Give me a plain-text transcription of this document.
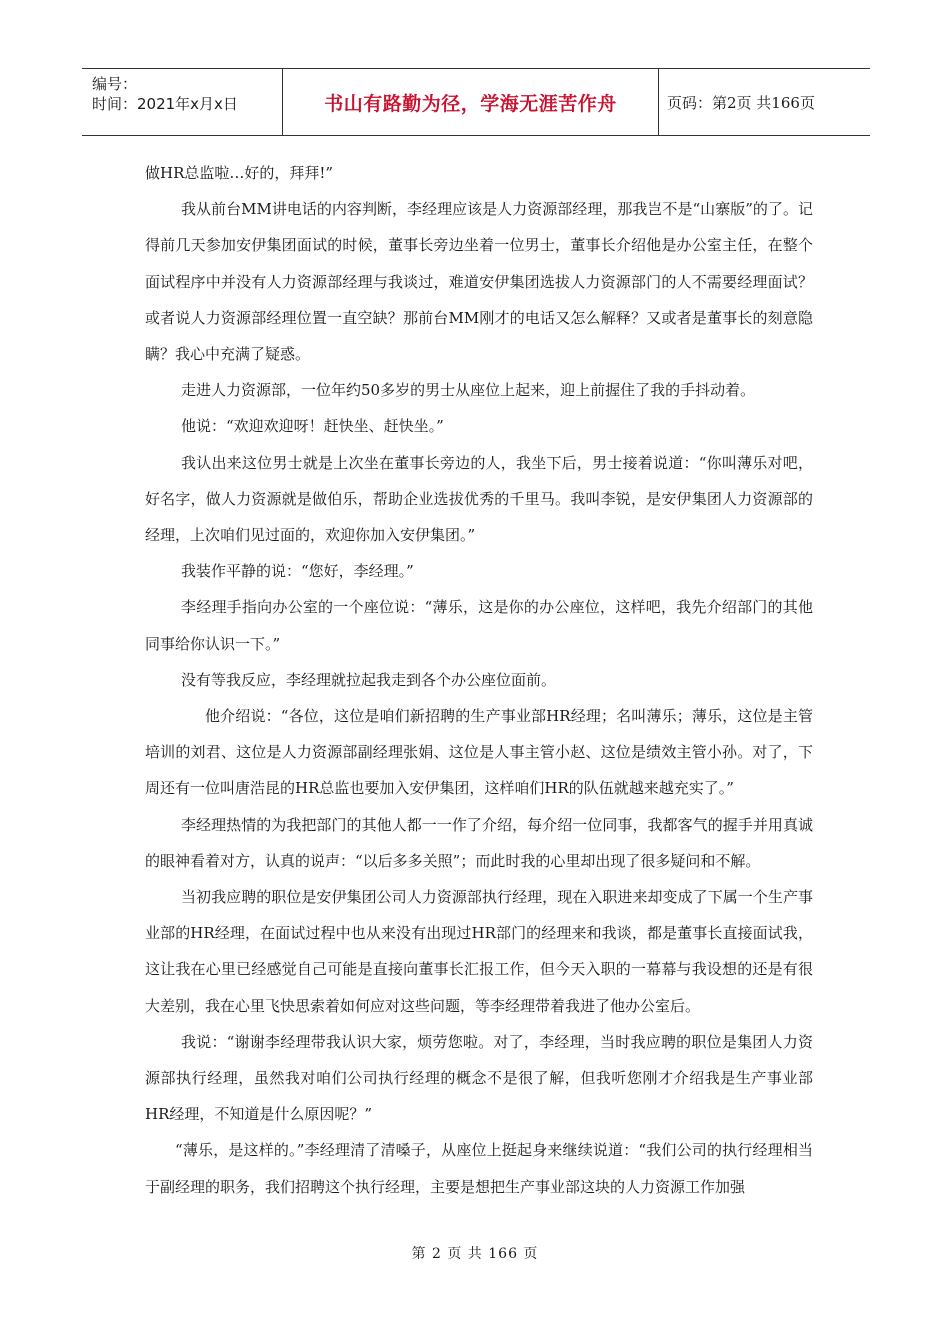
编号：
时间：2021年x月x日	书山有路勤为径，学海无涯苦作舟	页码：第2页 共166页

做HR总监啦…好的，拜拜!”

我从前台MM讲电话的内容判断，李经理应该是人力资源部经理，那我岂不是“山寨版”的了。记得前几天参加安伊集团面试的时候，董事长旁边坐着一位男士，董事长介绍他是办公室主任，在整个面试程序中并没有人力资源部经理与我谈过，难道安伊集团选拔人力资源部门的人不需要经理面试？或者说人力资源部经理位置一直空缺？那前台MM刚才的电话又怎么解释？又或者是董事长的刻意隐瞒？我心中充满了疑惑。

走进人力资源部，一位年约50多岁的男士从座位上起来，迎上前握住了我的手抖动着。

他说：“欢迎欢迎呀！赶快坐、赶快坐。”

我认出来这位男士就是上次坐在董事长旁边的人，我坐下后，男士接着说道：“你叫薄乐对吧，好名字，做人力资源就是做伯乐，帮助企业选拔优秀的千里马。我叫李锐，是安伊集团人力资源部的经理，上次咱们见过面的，欢迎你加入安伊集团。”

我装作平静的说：“您好，李经理。”

李经理手指向办公室的一个座位说：“薄乐，这是你的办公座位，这样吧，我先介绍部门的其他同事给你认识一下。”

没有等我反应，李经理就拉起我走到各个办公座位面前。

他介绍说：“各位，这位是咱们新招聘的生产事业部HR经理；名叫薄乐；薄乐，这位是主管培训的刘君、这位是人力资源部副经理张娟、这位是人事主管小赵、这位是绩效主管小孙。对了，下周还有一位叫唐浩昆的HR总监也要加入安伊集团，这样咱们HR的队伍就越来越充实了。”

李经理热情的为我把部门的其他人都一一作了介绍，每介绍一位同事，我都客气的握手并用真诚的眼神看着对方，认真的说声：“以后多多关照”；而此时我的心里却出现了很多疑问和不解。

当初我应聘的职位是安伊集团公司人力资源部执行经理，现在入职进来却变成了下属一个生产事业部的HR经理，在面试过程中也从来没有出现过HR部门的经理来和我谈，都是董事长直接面试我，这让我在心里已经感觉自己可能是直接向董事长汇报工作，但今天入职的一幕幕与我设想的还是有很大差别，我在心里飞快思索着如何应对这些问题，等李经理带着我进了他办公室后。

我说：“谢谢李经理带我认识大家，烦劳您啦。对了，李经理，当时我应聘的职位是集团人力资源部执行经理，虽然我对咱们公司执行经理的概念不是很了解，但我听您刚才介绍我是生产事业部HR经理，不知道是什么原因呢？”

“薄乐，是这样的。”李经理清了清嗓子，从座位上挺起身来继续说道：“我们公司的执行经理相当于副经理的职务，我们招聘这个执行经理，主要是想把生产事业部这块的人力资源工作加强

第 2 页 共 166 页
